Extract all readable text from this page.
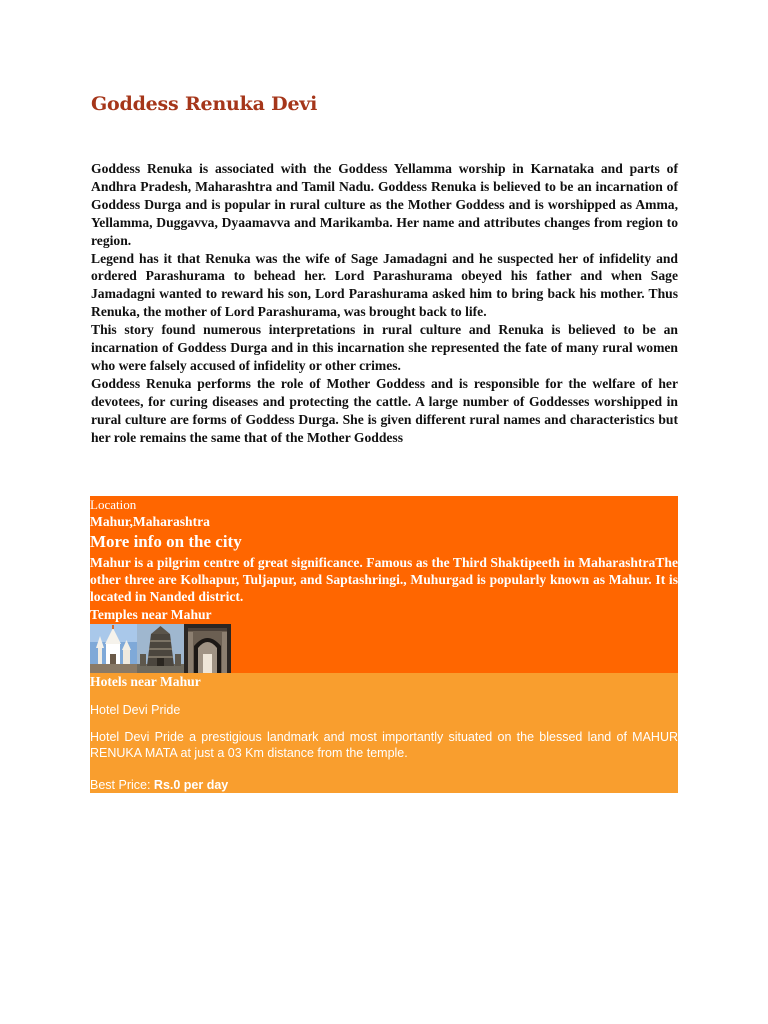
Goddess Renuka Devi

Goddess Renuka is associated with the Goddess Yellamma worship in Karnataka and parts of Andhra Pradesh, Maharashtra and Tamil Nadu. Goddess Renuka is believed to be an incarnation of Goddess Durga and is popular in rural culture as the Mother Goddess and is worshipped as Amma, Yellamma, Duggavva, Dyaamavva and Marikamba. Her name and attributes changes from region to region.

Legend has it that Renuka was the wife of Sage Jamadagni and he suspected her of infidelity and ordered Parashurama to behead her. Lord Parashurama obeyed his father and when Sage Jamadagni wanted to reward his son, Lord Parashurama asked him to bring back his mother. Thus Renuka, the mother of Lord Parashurama, was brought back to life.

This story found numerous interpretations in rural culture and Renuka is believed to be an incarnation of Goddess Durga and in this incarnation she represented the fate of many rural women who were falsely accused of infidelity or other crimes.

Goddess Renuka performs the role of Mother Goddess and is responsible for the welfare of her devotees, for curing diseases and protecting the cattle. A large number of Goddesses worshipped in rural culture are forms of Goddess Durga. She is given different rural names and characteristics but her role remains the same that of the Mother Goddess

Location
Mahur,Maharashtra
More info on the city

Mahur is a pilgrim centre of great significance. Famous as the Third Shaktipeeth in MaharashtraThe other three are Kolhapur, Tuljapur, and Saptashringi., Muhurgad is popularly known as Mahur. It is located in Nanded district.

Temples near Mahur
Hotels near Mahur
Hotel Devi Pride

Hotel Devi Pride a prestigious landmark and most importantly situated on the blessed land of MAHUR RENUKA MATA at just a 03 Km distance from the temple.

Best Price: Rs.0 per day
